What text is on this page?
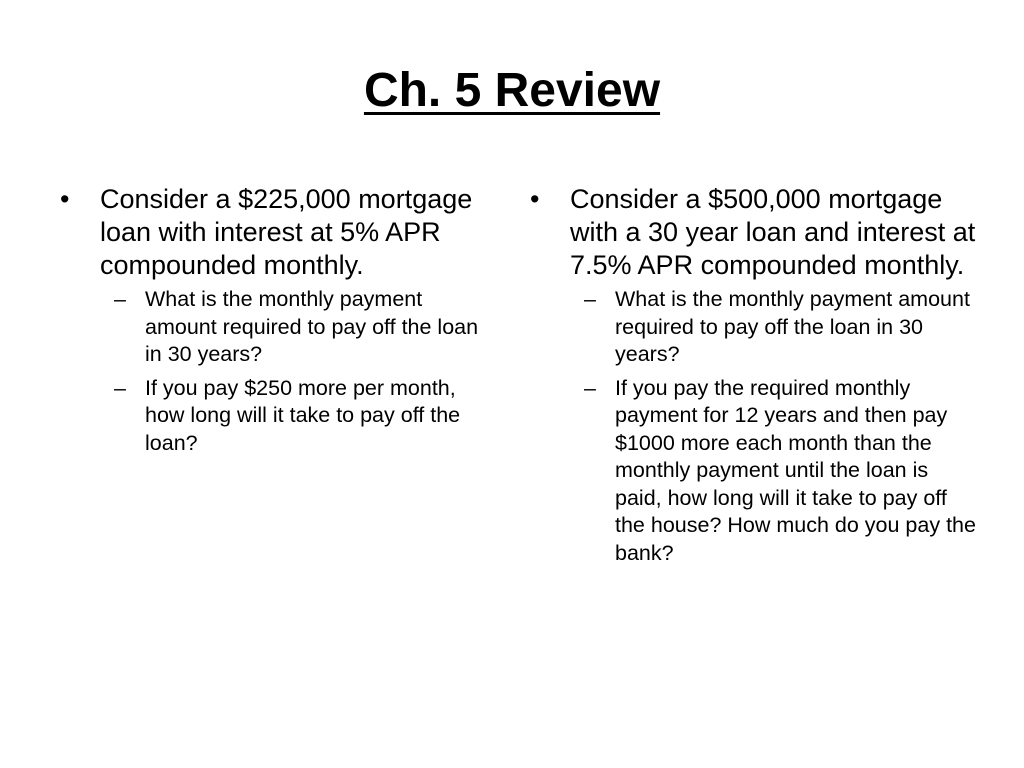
Ch. 5 Review
•	Consider a $225,000 mortgage loan with interest at 5% APR compounded monthly.
– What is the monthly payment amount required to pay off the loan in 30 years?
– If you pay $250 more per month, how long will it take to pay off the loan?
•	Consider a $500,000 mortgage with a 30 year loan and interest at 7.5% APR compounded monthly.
– What is the monthly payment amount required to pay off the loan in 30 years?
– If you pay the required monthly payment for 12 years and then pay $1000 more each month than the monthly payment until the loan is paid, how long will it take to pay off the house? How much do you pay the bank?
